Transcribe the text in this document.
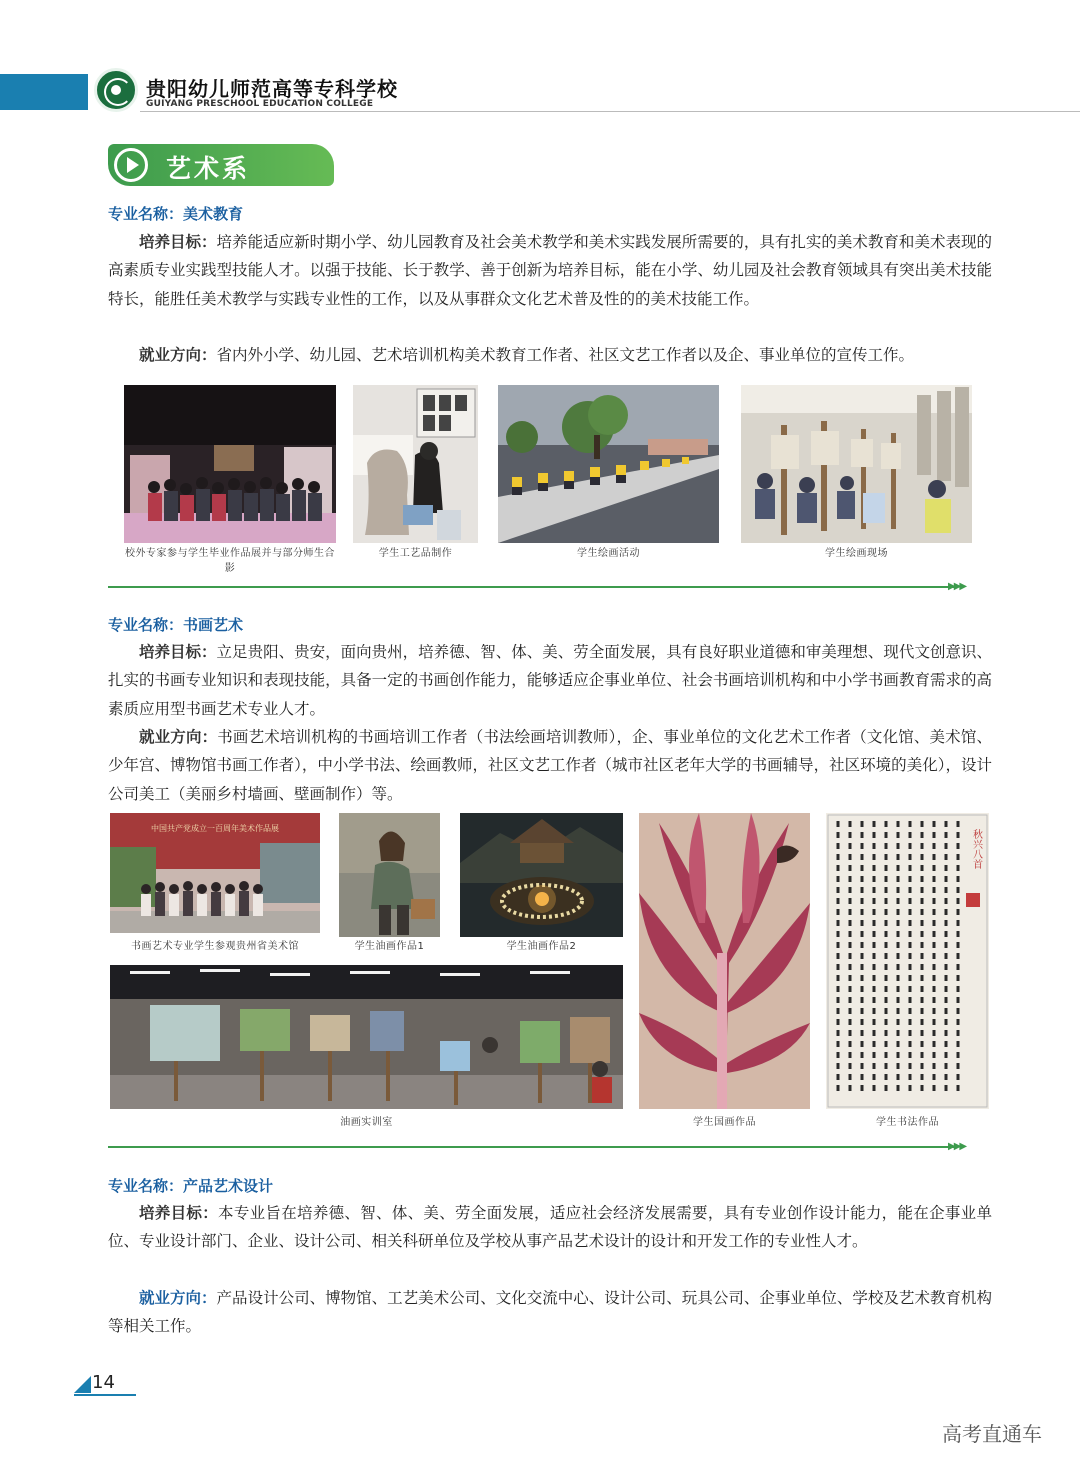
贵阳幼儿师范高等专科学校
GUIYANG PRESCHOOL EDUCATION COLLEGE
艺术系
专业名称：美术教育
培养目标：培养能适应新时期小学、幼儿园教育及社会美术教学和美术实践发展所需要的，具有扎实的美术教育和美术表现的高素质专业实践型技能人才。以强于技能、长于教学、善于创新为培养目标，能在小学、幼儿园及社会教育领域具有突出美术技能特长，能胜任美术教学与实践专业性的工作，以及从事群众文化艺术普及性的的美术技能工作。
就业方向：省内外小学、幼儿园、艺术培训机构美术教育工作者、社区文艺工作者以及企、事业单位的宣传工作。
校外专家参与学生毕业作品展并与部分师生合影
学生工艺品制作	学生绘画活动	学生绘画现场
▶▶▶
专业名称：书画艺术
培养目标：立足贵阳、贵安，面向贵州，培养德、智、体、美、劳全面发展，具有良好职业道德和审美理想、现代文创意识、扎实的书画专业知识和表现技能，具备一定的书画创作能力，能够适应企事业单位、社会书画培训机构和中小学书画教育需求的高素质应用型书画艺术专业人才。
就业方向：书画艺术培训机构的书画培训工作者（书法绘画培训教师），企、事业单位的文化艺术工作者（文化馆、美术馆、少年宫、博物馆书画工作者），中小学书法、绘画教师，社区文艺工作者（城市社区老年大学的书画辅导，社区环境的美化），设计公司美工（美丽乡村墙画、壁画制作）等。
中国共产党成立一百周年美术作品展
秋兴八首
书画艺术专业学生参观贵州省美术馆	学生油画作品1	学生油画作品2
油画实训室	学生国画作品	学生书法作品
▶▶▶
专业名称：产品艺术设计
培养目标：本专业旨在培养德、智、体、美、劳全面发展，适应社会经济发展需要，具有专业创作设计能力，能在企事业单位、专业设计部门、企业、设计公司、相关科研单位及学校从事产品艺术设计的设计和开发工作的专业性人才。
就业方向：产品设计公司、博物馆、工艺美术公司、文化交流中心、设计公司、玩具公司、企事业单位、学校及艺术教育机构等相关工作。
14
高考直通车
